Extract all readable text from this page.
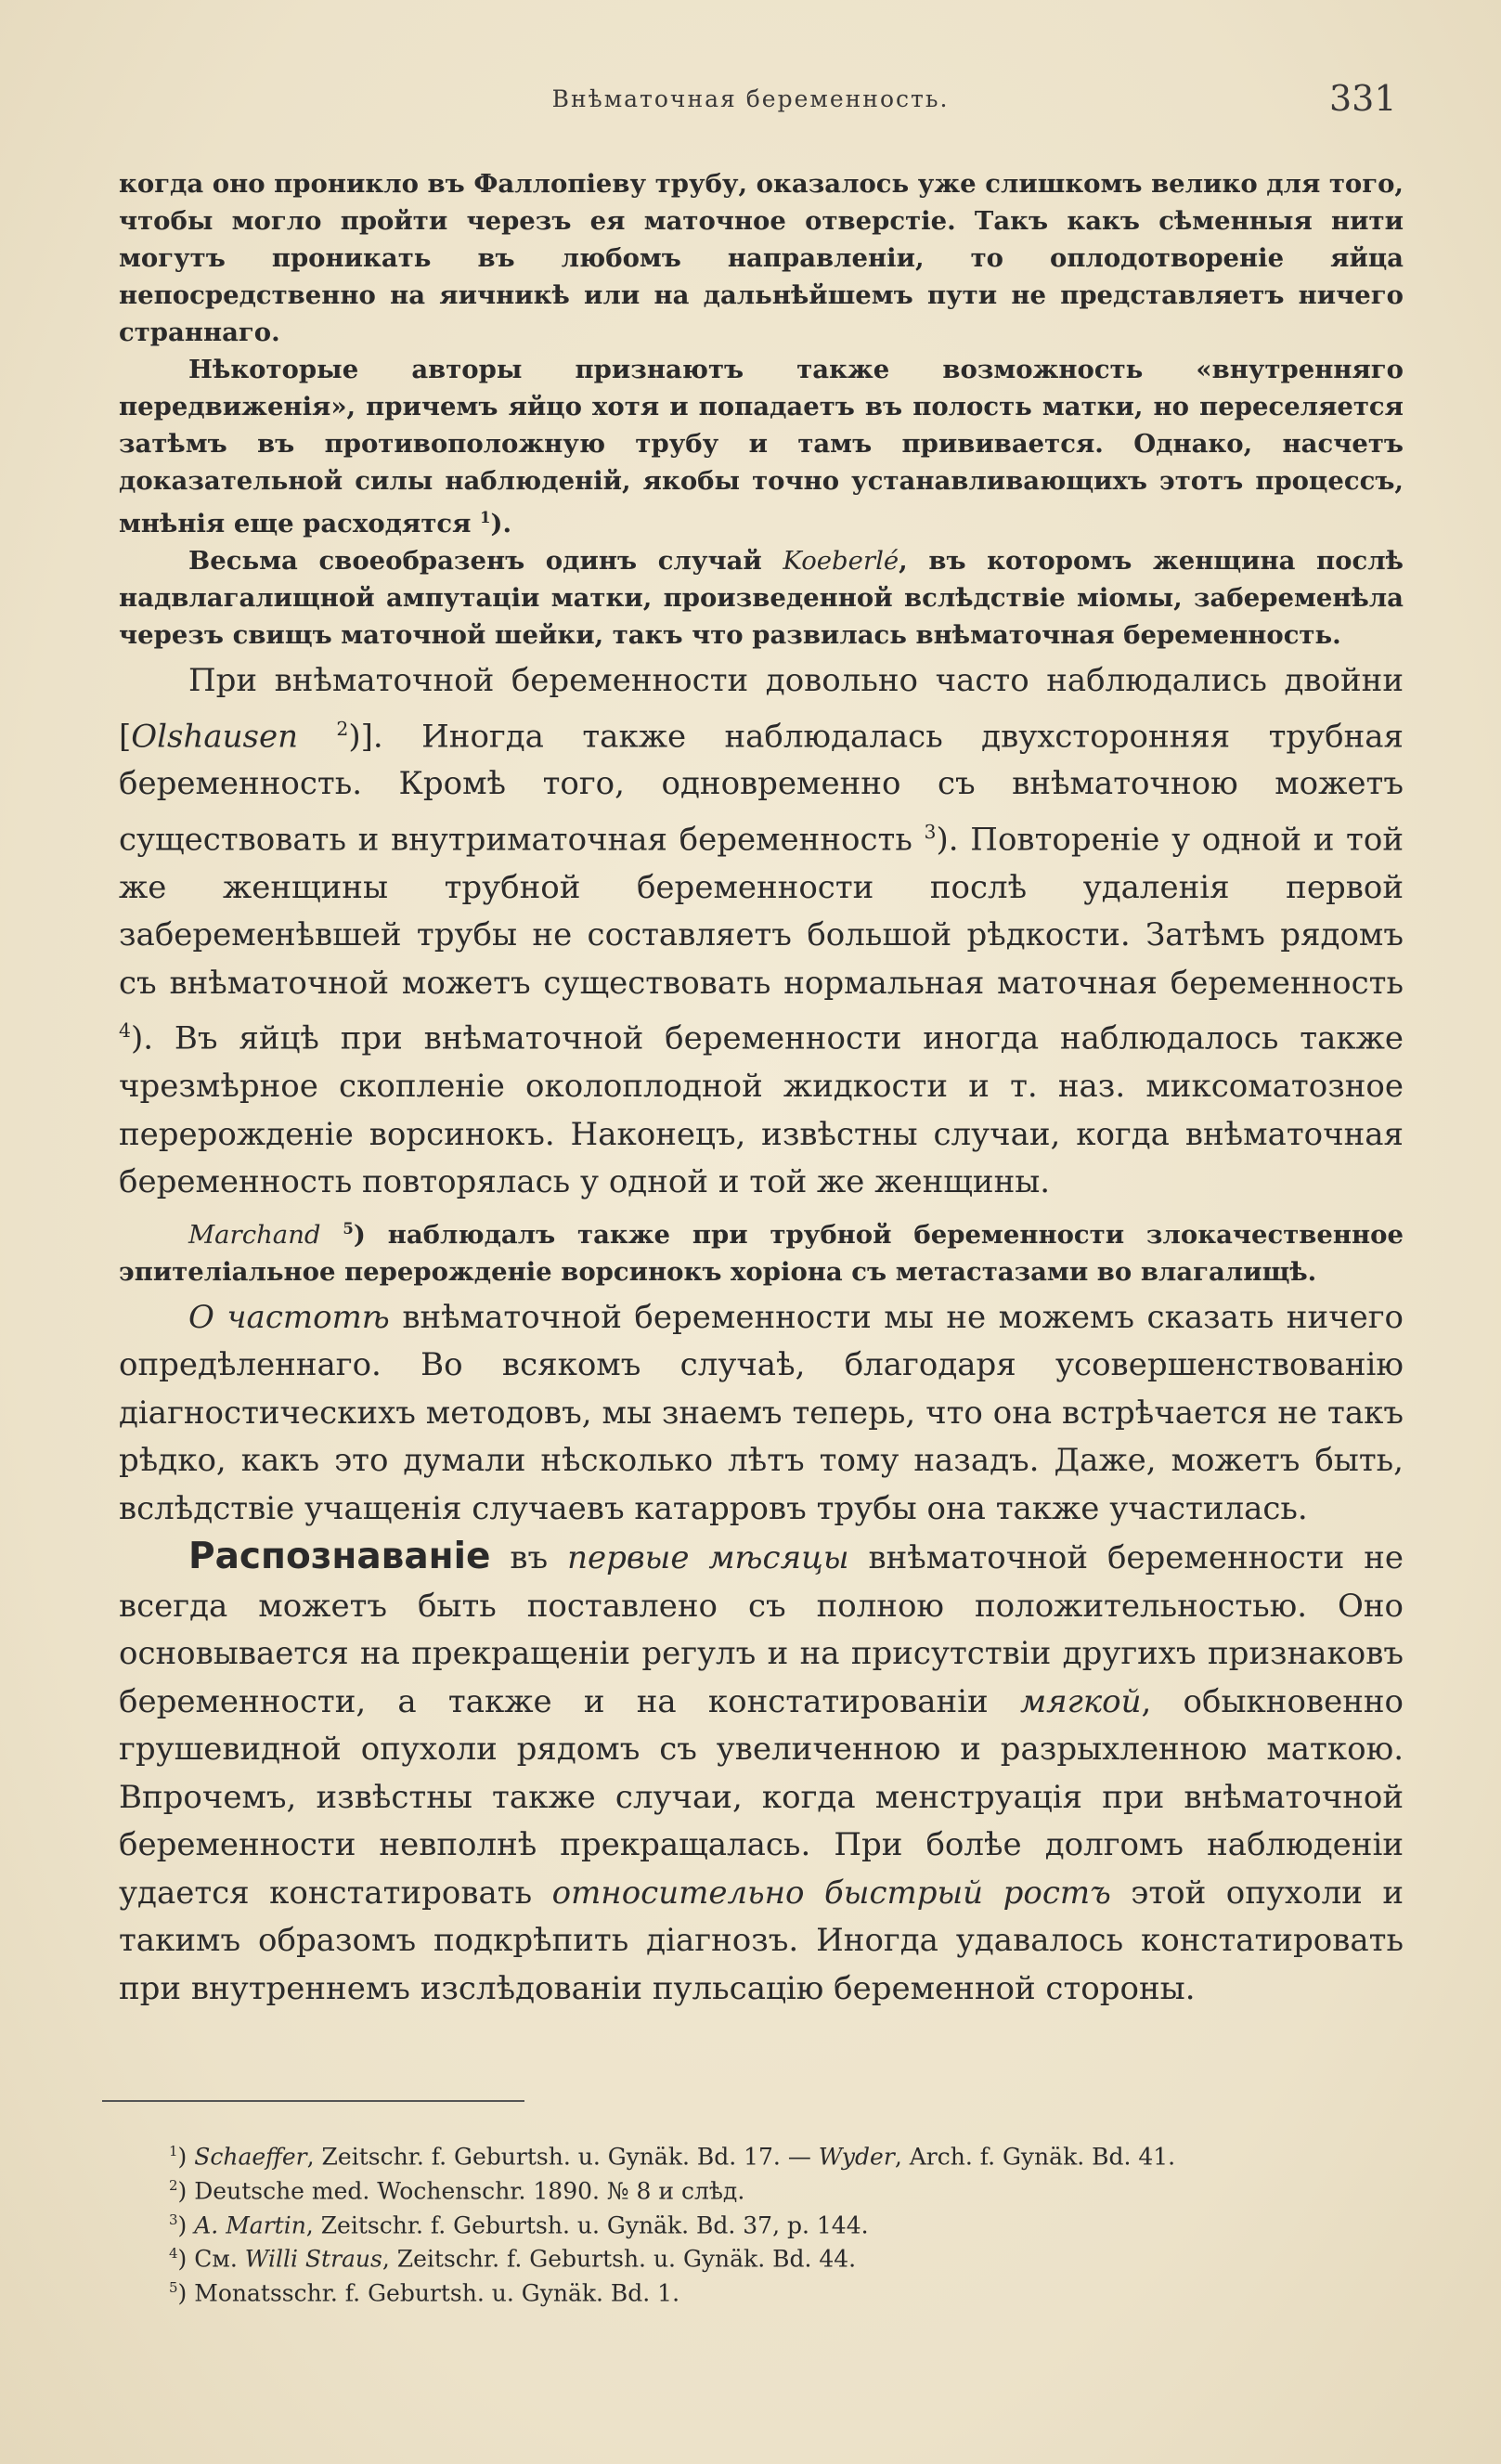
Внѣматочная беременность.	331

когда оно проникло въ Фаллопіеву трубу, оказалось уже слишкомъ велико для того, чтобы могло пройти черезъ ея маточное отверстіе. Такъ какъ сѣменныя нити могутъ проникать въ любомъ направленіи, то оплодотвореніе яйца непосредственно на яичникѣ или на дальнѣйшемъ пути не представляетъ ничего страннаго.

Нѣкоторые авторы признаютъ также возможность «внутренняго передвиженія», причемъ яйцо хотя и попадаетъ въ полость матки, но переселяется затѣмъ въ противоположную трубу и тамъ прививается. Однако, насчетъ доказательной силы наблюденій, якобы точно устанавливающихъ этотъ процессъ, мнѣнія еще расходятся $^1$).

Весьма своеобразенъ одинъ случай Koeberlé, въ которомъ женщина послѣ надвлагалищной ампутаціи матки, произведенной вслѣдствіе міомы, забеременѣла черезъ свищъ маточной шейки, такъ что развилась внѣматочная беременность.

При внѣматочной беременности довольно часто наблюдались двойни [Olshausen $^2$)]. Иногда также наблюдалась двухсторонняя трубная беременность. Кромѣ того, одновременно съ внѣматочною можетъ существовать и внутриматочная беременность $^3$). Повтореніе у одной и той же женщины трубной беременности послѣ удаленія первой забеременѣвшей трубы не составляетъ большой рѣдкости. Затѣмъ рядомъ съ внѣматочной можетъ существовать нормальная маточная беременность $^4$). Въ яйцѣ при внѣматочной беременности иногда наблюдалось также чрезмѣрное скопленіе околоплодной жидкости и т. наз. миксоматозное перерожденіе ворсинокъ. Наконецъ, извѣстны случаи, когда внѣматочная беременность повторялась у одной и той же женщины.

Marchand $^5$) наблюдалъ также при трубной беременности злокачественное эпителіальное перерожденіе ворсинокъ хоріона съ метастазами во влагалищѣ.

О частотѣ внѣматочной беременности мы не можемъ сказать ничего опредѣленнаго. Во всякомъ случаѣ, благодаря усовершенствованію діагностическихъ методовъ, мы знаемъ теперь, что она встрѣчается не такъ рѣдко, какъ это думали нѣсколько лѣтъ тому назадъ. Даже, можетъ быть, вслѣдствіе учащенія случаевъ катарровъ трубы она также участилась.

Распознаваніе въ первые мѣсяцы внѣматочной беременности не всегда можетъ быть поставлено съ полною положительностью. Оно основывается на прекращеніи регулъ и на присутствіи другихъ признаковъ беременности, а также и на констатированіи мягкой, обыкновенно грушевидной опухоли рядомъ съ увеличенною и разрыхленною маткою. Впрочемъ, извѣстны также случаи, когда менструація при внѣматочной беременности невполнѣ прекращалась. При болѣе долгомъ наблюденіи удается констатировать относительно быстрый ростъ этой опухоли и такимъ образомъ подкрѣпить діагнозъ. Иногда удавалось констатировать при внутреннемъ изслѣдованіи пульсацію беременной стороны.

$^1$) Schaeffer, Zeitschr. f. Geburtsh. u. Gynäk. Bd. 17. — Wyder, Arch. f. Gynäk. Bd. 41.

$^2$) Deutsche med. Wochenschr. 1890. № 8 и слѣд.

$^3$) A. Martin, Zeitschr. f. Geburtsh. u. Gynäk. Bd. 37, p. 144.

$^4$) См. Willi Straus, Zeitschr. f. Geburtsh. u. Gynäk. Bd. 44.

$^5$) Monatsschr. f. Geburtsh. u. Gynäk. Bd. 1.
